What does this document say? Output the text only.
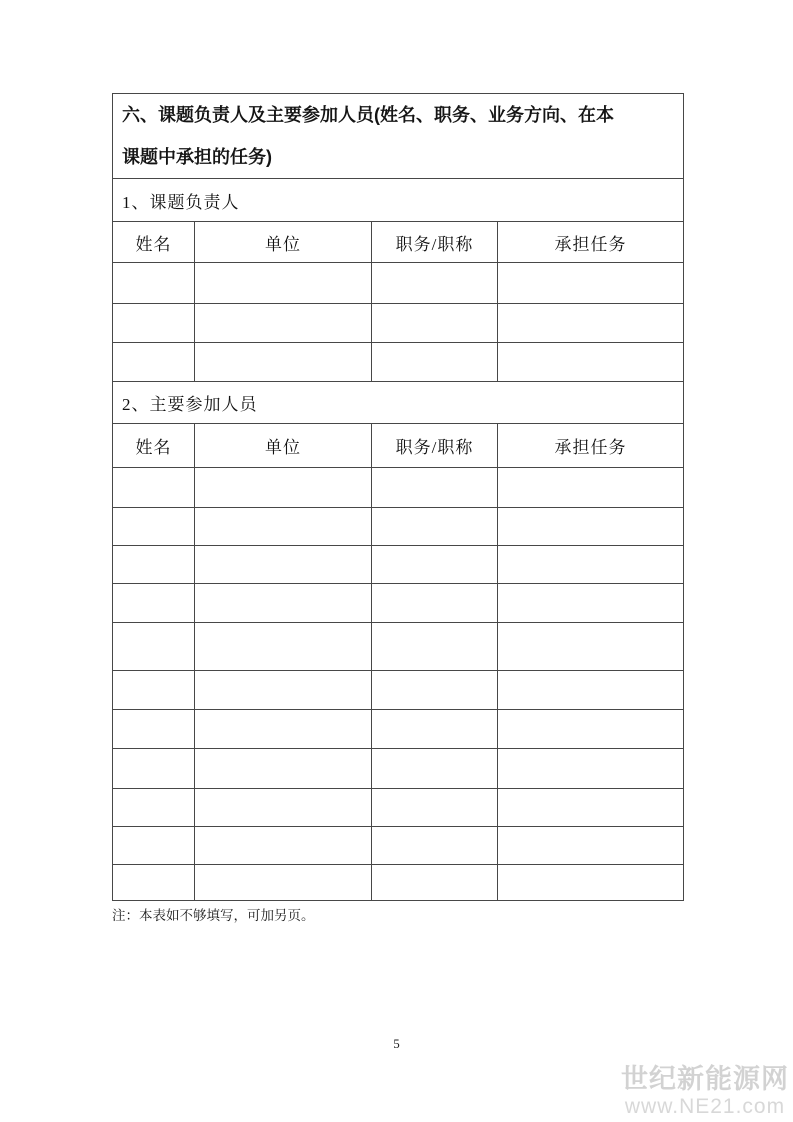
六、课题负责人及主要参加人员(姓名、职务、业务方向、在本
课题中承担的任务)			

1、课题负责人			
姓名	单位	职务/职称	承担任务

2、主要参加人员			
姓名	单位	职务/职称	承担任务

注：本表如不够填写，可加另页。
5
世纪新能源网
www.NE21.com
